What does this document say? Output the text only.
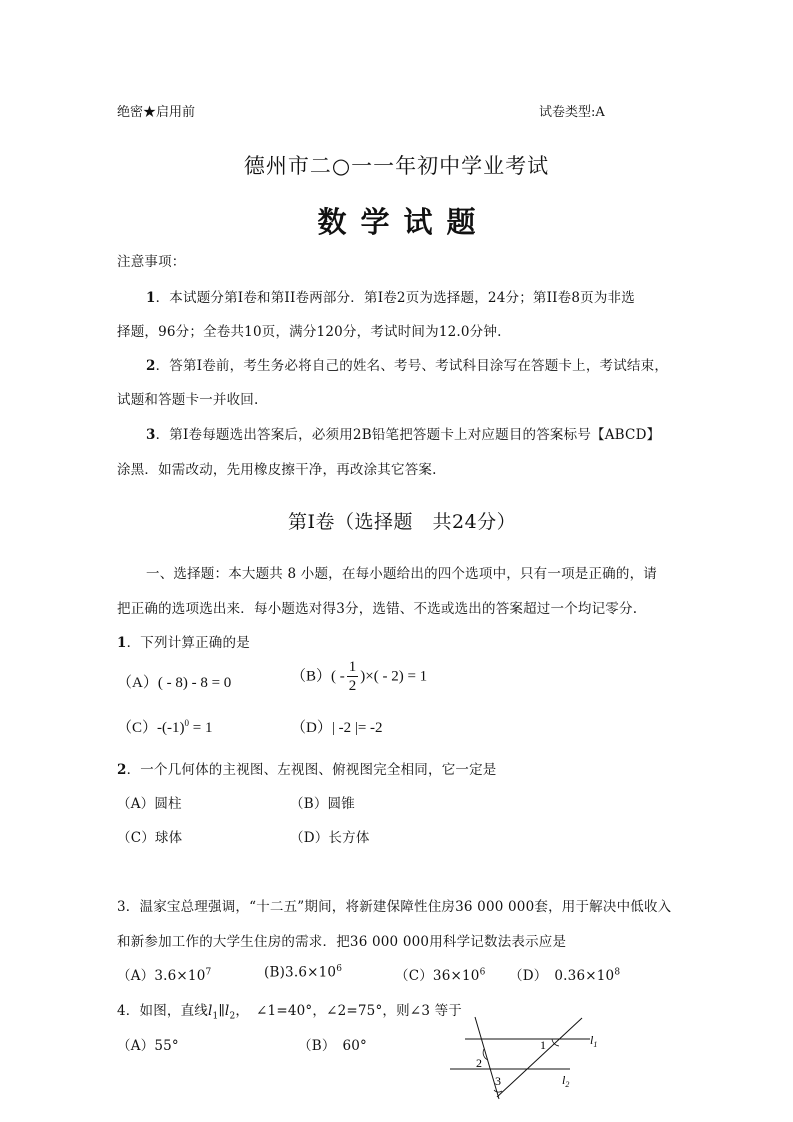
绝密★启用前	试卷类型:A
德州市二○一一年初中学业考试
数学试题
注意事项：
1．本试题分第Ⅰ卷和第II卷两部分．第Ⅰ卷2页为选择题，24分；第II卷8页为非选
择题，96分；全卷共10页，满分120分，考试时间为12.0分钟.
2．答第Ⅰ卷前，考生务必将自己的姓名、考号、考试科目涂写在答题卡上，考试结束，
试题和答题卡一并收回.
3．第Ⅰ卷每题选出答案后，必须用2B铅笔把答题卡上对应题目的答案标号【ABCD】
涂黑．如需改动，先用橡皮擦干净，再改涂其它答案.
第Ⅰ卷（选择题　共24分）
一、选择题：本大题共 8 小题，在每小题给出的四个选项中，只有一项是正确的，请
把正确的选项选出来．每小题选对得3分，选错、不选或选出的答案超过一个均记零分.
1．下列计算正确的是
（A）( - 8) - 8 = 0	$(B)( - \frac{1}{2}$ )×( - 2) = 1
$(C)-(-1)^0 = 1$	（D）| -2 |= -2
2．一个几何体的主视图、左视图、俯视图完全相同，它一定是
（A）圆柱	（B）圆锥
（C）球体	（D）长方体
3．温家宝总理强调，“十二五”期间，将新建保障性住房36 000 000套，用于解决中低收入
和新参加工作的大学生住房的需求．把36 000 000用科学记数法表示应是
$(A)3.6\times 10^7$	$(B)3.6\times 10^6$	$(C)36\times 10^6$ （D）　$0.36\times 10^8$
4．如图，直线$l_1\parallel l_2$，　∠1=40°，∠2=75°，则∠3 等于
（A）55°	（B）　60°	1
2
3
$l_1$
$l_2$
